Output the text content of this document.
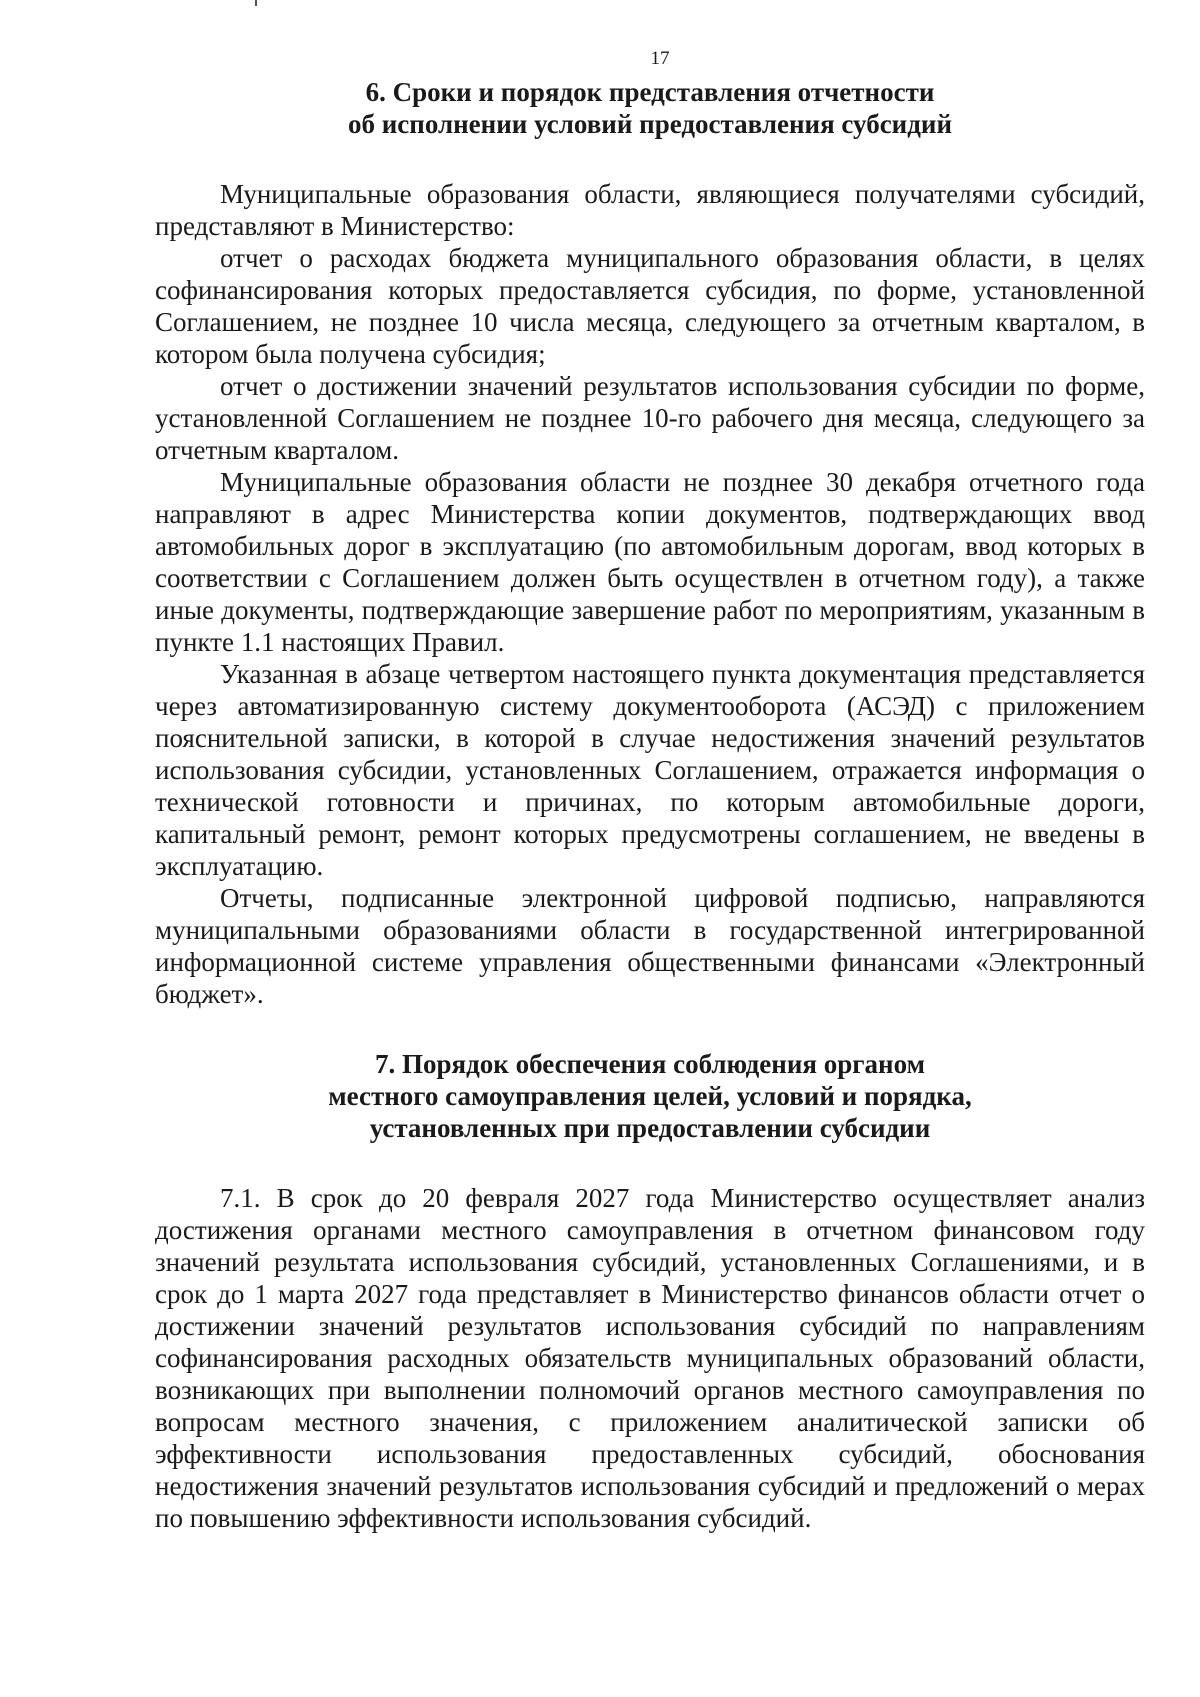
17
6. Сроки и порядок представления отчетности
об исполнении условий предоставления субсидий

Муниципальные образования области, являющиеся получателями субсидий, представляют в Министерство:

отчет о расходах бюджета муниципального образования области, в целях софинансирования которых предоставляется субсидия, по форме, установленной Соглашением, не позднее 10 числа месяца, следующего за отчетным кварталом, в котором была получена субсидия;

отчет о достижении значений результатов использования субсидии по форме, установленной Соглашением не позднее 10-го рабочего дня месяца, следующего за отчетным кварталом.

Муниципальные образования области не позднее 30 декабря отчетного года направляют в адрес Министерства копии документов, подтверждающих ввод автомобильных дорог в эксплуатацию (по автомобильным дорогам, ввод которых в соответствии с Соглашением должен быть осуществлен в отчетном году), а также иные документы, подтверждающие завершение работ по мероприятиям, указанным в пункте 1.1 настоящих Правил.

Указанная в абзаце четвертом настоящего пункта документация представляется через автоматизированную систему документооборота (АСЭД) с приложением пояснительной записки, в которой в случае недостижения значений результатов использования субсидии, установленных Соглашением, отражается информация о технической готовности и причинах, по которым автомобильные дороги, капитальный ремонт, ремонт которых предусмотрены соглашением, не введены в эксплуатацию.

Отчеты, подписанные электронной цифровой подписью, направляются муниципальными образованиями области в государственной интегрированной информационной системе управления общественными финансами «Электронный бюджет».

7. Порядок обеспечения соблюдения органом
местного самоуправления целей, условий и порядка,
установленных при предоставлении субсидии

7.1. В срок до 20 февраля 2027 года Министерство осуществляет анализ достижения органами местного самоуправления в отчетном финансовом году значений результата использования субсидий, установленных Соглашениями, и в срок до 1 марта 2027 года представляет в Министерство финансов области отчет о достижении значений результатов использования субсидий по направлениям софинансирования расходных обязательств муниципальных образований области, возникающих при выполнении полномочий органов местного самоуправления по вопросам местного значения, с приложением аналитической записки об эффективности использования предоставленных субсидий, обоснования недостижения значений результатов использования субсидий и предложений о мерах по повышению эффективности использования субсидий.
